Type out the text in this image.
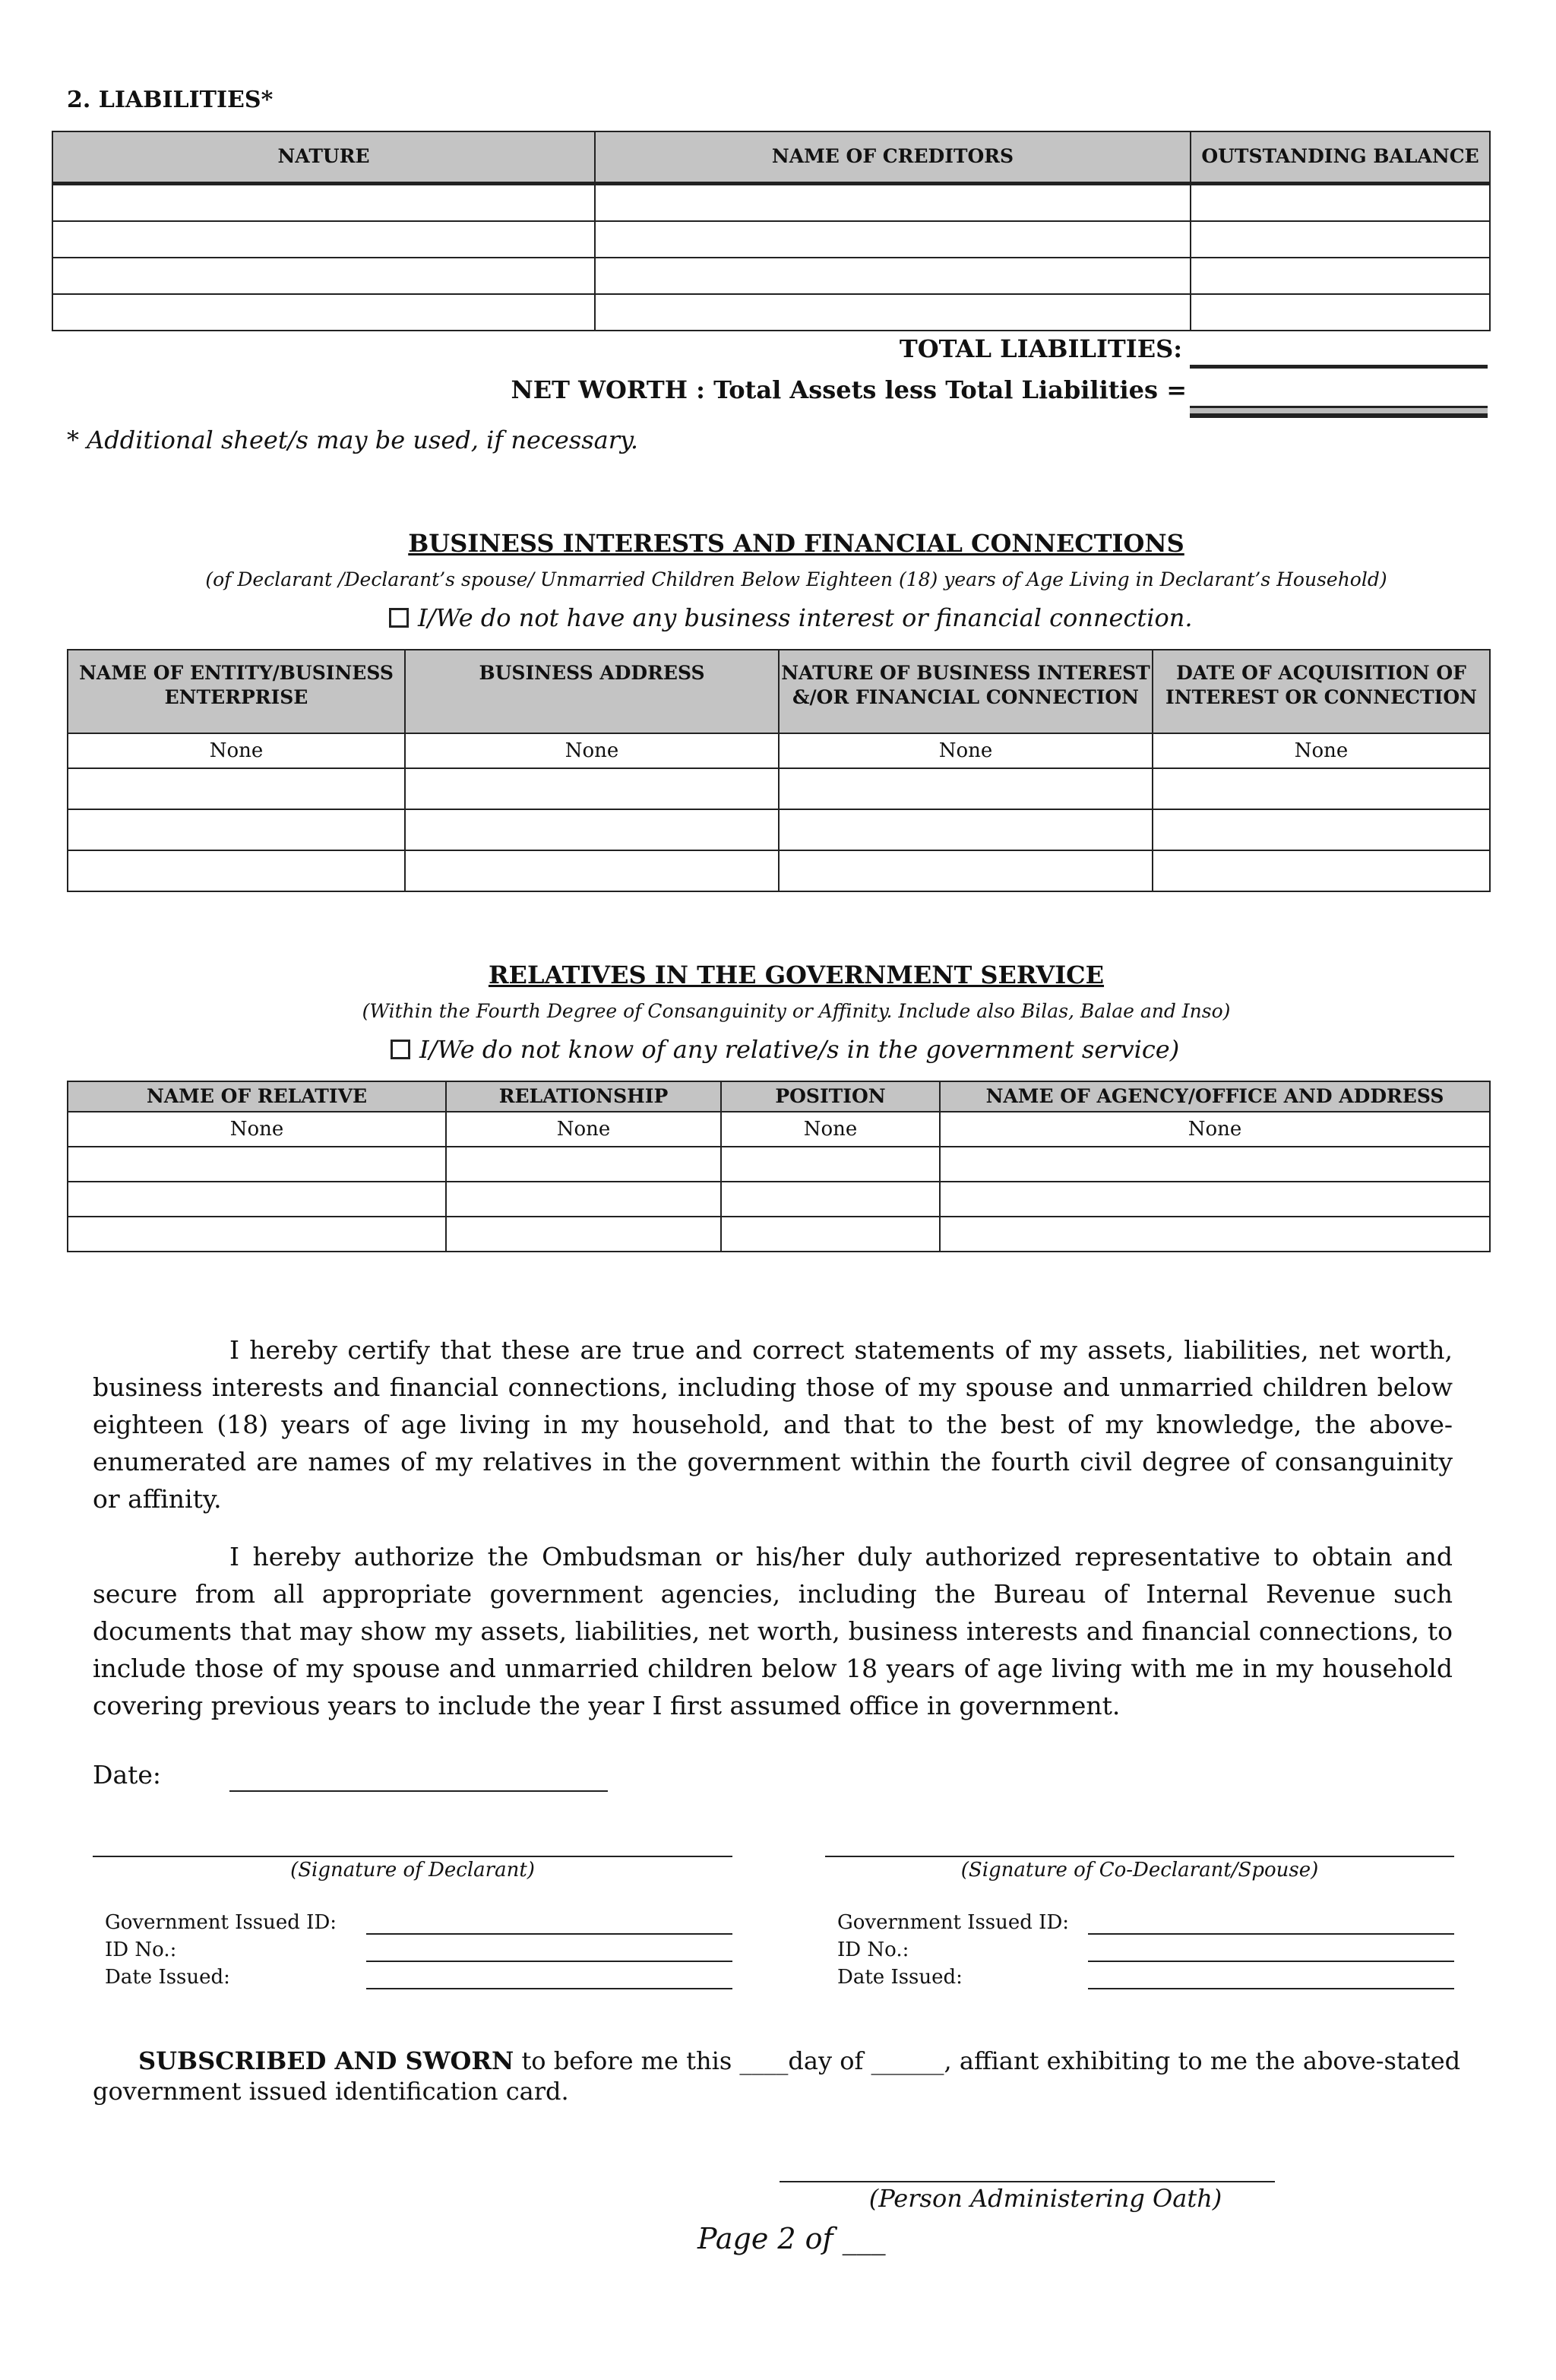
2. LIABILITIES*
NATURE	NAME OF CREDITORS	OUTSTANDING BALANCE

TOTAL LIABILITIES:
NET WORTH : Total Assets less Total Liabilities =
* Additional sheet/s may be used, if necessary.
BUSINESS INTERESTS AND FINANCIAL CONNECTIONS
(of Declarant /Declarant’s spouse/ Unmarried Children Below Eighteen (18) years of Age Living in Declarant’s Household)
I/We do not have any business interest or financial connection.
NAME OF ENTITY/BUSINESS ENTERPRISE	BUSINESS ADDRESS	NATURE OF BUSINESS INTEREST &/OR FINANCIAL CONNECTION	DATE OF ACQUISITION OF INTEREST OR CONNECTION
None	None	None	None

RELATIVES IN THE GOVERNMENT SERVICE
(Within the Fourth Degree of Consanguinity or Affinity. Include also Bilas, Balae and Inso)
I/We do not know of any relative/s in the government service)
NAME OF RELATIVE	RELATIONSHIP	POSITION	NAME OF AGENCY/OFFICE AND ADDRESS
None	None	None	None

I hereby certify that these are true and correct statements of my assets, liabilities, net worth, business interests and financial connections, including those of my spouse and unmarried children below eighteen (18) years of age living in my household, and that to the best of my knowledge, the above-enumerated are names of my relatives in the government within the fourth civil degree of consanguinity or affinity.
I hereby authorize the Ombudsman or his/her duly authorized representative to obtain and secure from all appropriate government agencies, including the Bureau of Internal Revenue such documents that may show my assets, liabilities, net worth, business interests and financial connections, to include those of my spouse and unmarried children below 18 years of age living with me in my household covering previous years to include the year I first assumed office in government.
Date:
(Signature of Declarant)	(Signature of Co-Declarant/Spouse)
Government Issued ID:
ID No.:
Date Issued:
Government Issued ID:
ID No.:
Date Issued:
SUBSCRIBED AND SWORN to before me this ____day of ______, affiant exhibiting to me the above-stated
government issued identification card.
(Person Administering Oath)
Page 2 of ___
